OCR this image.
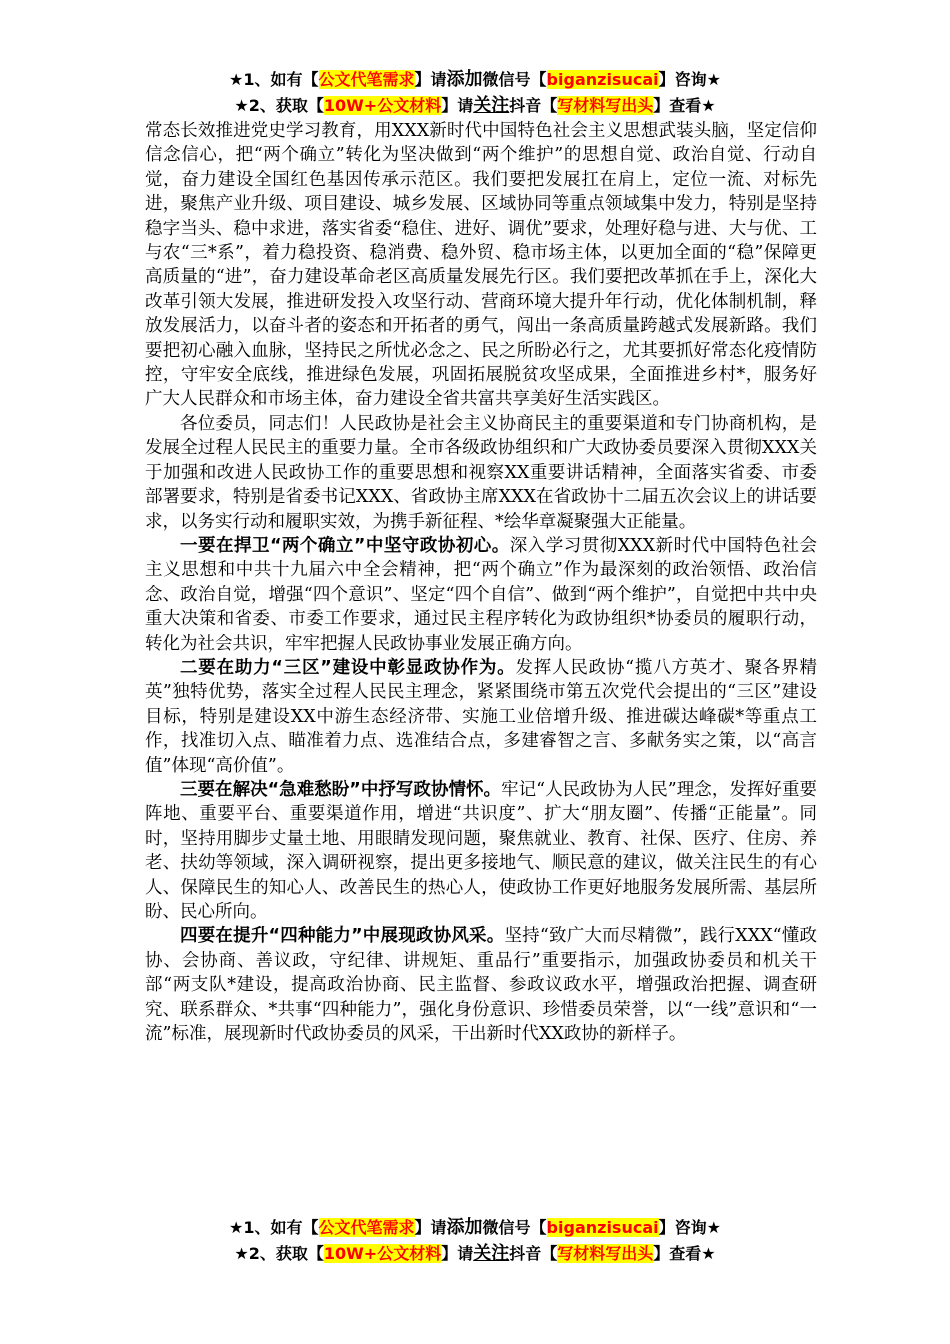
★1、如有【公文代笔需求】请添加微信号【biganzisucai】咨询★
★2、获取【10W+公文材料】请关注抖音【写材料写出头】查看★

常态长效推进党史学习教育，用XXX新时代中国特色社会主义思想武装头脑，坚定信仰信念信心，把“两个确立”转化为坚决做到“两个维护”的思想自觉、政治自觉、行动自觉，奋力建设全国红色基因传承示范区。我们要把发展扛在肩上，定位一流、对标先进，聚焦产业升级、项目建设、城乡发展、区域协同等重点领域集中发力，特别是坚持稳字当头、稳中求进，落实省委“稳住、进好、调优”要求，处理好稳与进、大与优、工与农“三*系”，着力稳投资、稳消费、稳外贸、稳市场主体，以更加全面的“稳”保障更高质量的“进”，奋力建设革命老区高质量发展先行区。我们要把改革抓在手上，深化大改革引领大发展，推进研发投入攻坚行动、营商环境大提升年行动，优化体制机制，释放发展活力，以奋斗者的姿态和开拓者的勇气，闯出一条高质量跨越式发展新路。我们要把初心融入血脉，坚持民之所忧必念之、民之所盼必行之，尤其要抓好常态化疫情防控，守牢安全底线，推进绿色发展，巩固拓展脱贫攻坚成果，全面推进乡村*，服务好广大人民群众和市场主体，奋力建设全省共富共享美好生活实践区。

各位委员，同志们！人民政协是社会主义协商民主的重要渠道和专门协商机构，是发展全过程人民民主的重要力量。全市各级政协组织和广大政协委员要深入贯彻XXX关于加强和改进人民政协工作的重要思想和视察XX重要讲话精神，全面落实省委、市委部署要求，特别是省委书记XXX、省政协主席XXX在省政协十二届五次会议上的讲话要求，以务实行动和履职实效，为携手新征程、*绘华章凝聚强大正能量。

一要在捍卫“两个确立”中坚守政协初心。深入学习贯彻XXX新时代中国特色社会主义思想和中共十九届六中全会精神，把“两个确立”作为最深刻的政治领悟、政治信念、政治自觉，增强“四个意识”、坚定“四个自信”、做到“两个维护”，自觉把中共中央重大决策和省委、市委工作要求，通过民主程序转化为政协组织*协委员的履职行动，转化为社会共识，牢牢把握人民政协事业发展正确方向。

二要在助力“三区”建设中彰显政协作为。发挥人民政协“揽八方英才、聚各界精英”独特优势，落实全过程人民民主理念，紧紧围绕市第五次党代会提出的“三区”建设目标，特别是建设XX中游生态经济带、实施工业倍增升级、推进碳达峰碳*等重点工作，找准切入点、瞄准着力点、选准结合点，多建睿智之言、多献务实之策，以“高言值”体现“高价值”。

三要在解决“急难愁盼”中抒写政协情怀。牢记“人民政协为人民”理念，发挥好重要阵地、重要平台、重要渠道作用，增进“共识度”、扩大“朋友圈”、传播“正能量”。同时，坚持用脚步丈量土地、用眼睛发现问题，聚焦就业、教育、社保、医疗、住房、养老、扶幼等领域，深入调研视察，提出更多接地气、顺民意的建议，做关注民生的有心人、保障民生的知心人、改善民生的热心人，使政协工作更好地服务发展所需、基层所盼、民心所向。

四要在提升“四种能力”中展现政协风采。坚持“致广大而尽精微”，践行XXX“懂政协、会协商、善议政，守纪律、讲规矩、重品行”重要指示，加强政协委员和机关干部“两支队*建设，提高政治协商、民主监督、参政议政水平，增强政治把握、调查研究、联系群众、*共事“四种能力”，强化身份意识、珍惜委员荣誉，以“一线”意识和“一流”标准，展现新时代政协委员的风采，干出新时代XX政协的新样子。

★1、如有【公文代笔需求】请添加微信号【biganzisucai】咨询★
★2、获取【10W+公文材料】请关注抖音【写材料写出头】查看★
